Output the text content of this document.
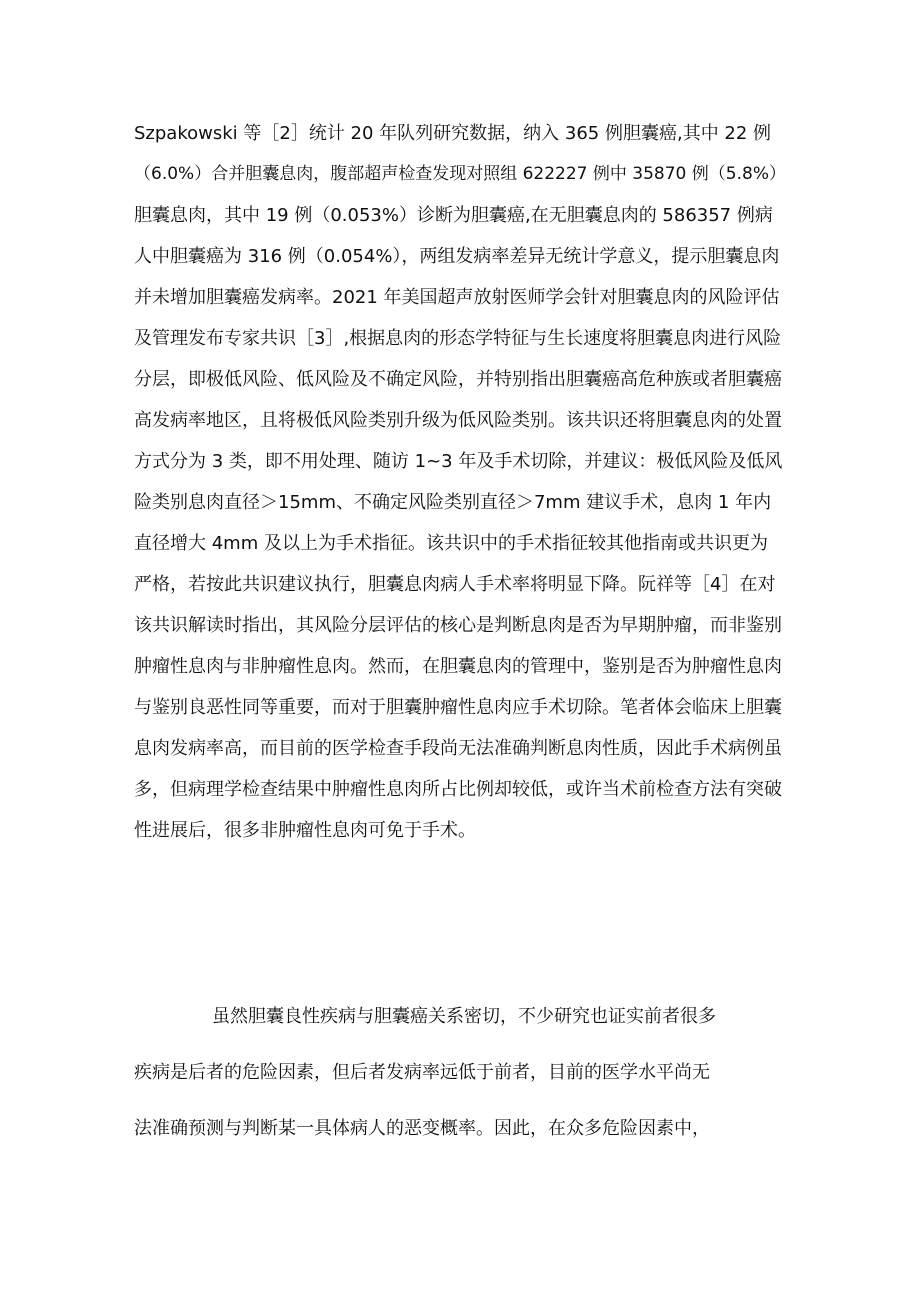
Szpakowski 等［2］统计 20 年队列研究数据，纳入 365 例胆囊癌,其中 22 例
（6.0%）合并胆囊息肉，腹部超声检查发现对照组 622227 例中 35870 例（5.8%）
胆囊息肉，其中 19 例（0.053%）诊断为胆囊癌,在无胆囊息肉的 586357 例病
人中胆囊癌为 316 例（0.054%），两组发病率差异无统计学意义，提示胆囊息肉
并未增加胆囊癌发病率。2021 年美国超声放射医师学会针对胆囊息肉的风险评估
及管理发布专家共识［3］,根据息肉的形态学特征与生长速度将胆囊息肉进行风险
分层，即极低风险、低风险及不确定风险，并特别指出胆囊癌高危种族或者胆囊癌
高发病率地区，且将极低风险类别升级为低风险类别。该共识还将胆囊息肉的处置
方式分为 3 类，即不用处理、随访 1~3 年及手术切除，并建议：极低风险及低风
险类别息肉直径＞15mm、不确定风险类别直径＞7mm 建议手术，息肉 1 年内
直径增大 4mm 及以上为手术指征。该共识中的手术指征较其他指南或共识更为
严格，若按此共识建议执行，胆囊息肉病人手术率将明显下降。阮祥等［4］在对
该共识解读时指出，其风险分层评估的核心是判断息肉是否为早期肿瘤，而非鉴别
肿瘤性息肉与非肿瘤性息肉。然而，在胆囊息肉的管理中，鉴别是否为肿瘤性息肉
与鉴别良恶性同等重要，而对于胆囊肿瘤性息肉应手术切除。笔者体会临床上胆囊
息肉发病率高，而目前的医学检查手段尚无法准确判断息肉性质，因此手术病例虽
多，但病理学检查结果中肿瘤性息肉所占比例却较低，或许当术前检查方法有突破
性进展后，很多非肿瘤性息肉可免于手术。
虽然胆囊良性疾病与胆囊癌关系密切，不少研究也证实前者很多
疾病是后者的危险因素，但后者发病率远低于前者，目前的医学水平尚无
法准确预测与判断某一具体病人的恶变概率。因此，在众多危险因素中，
